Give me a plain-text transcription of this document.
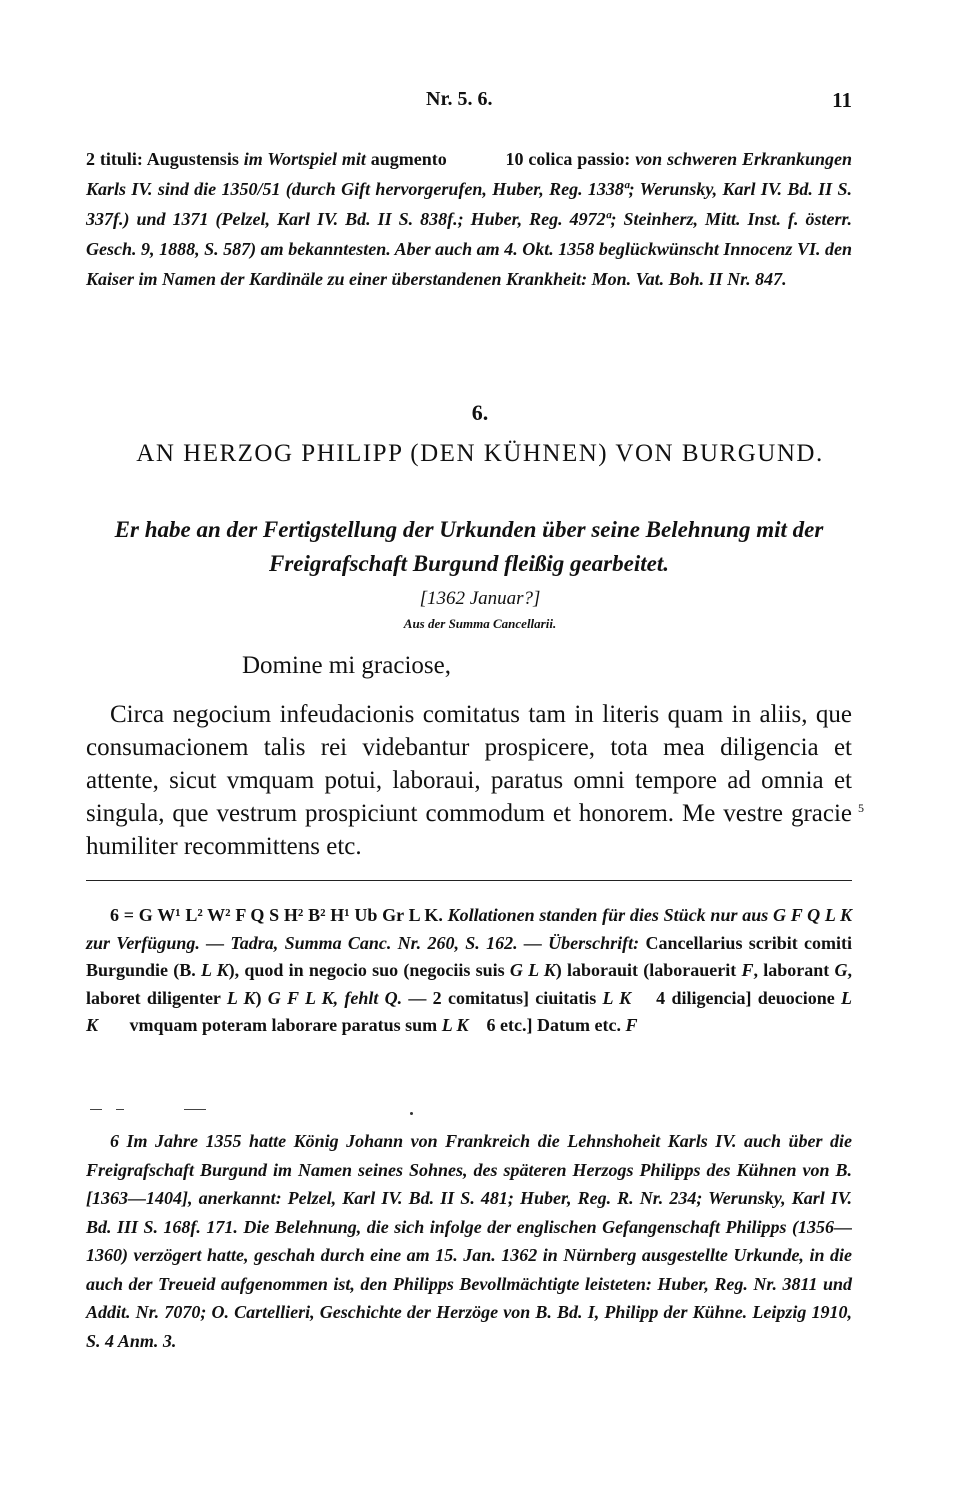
Nr. 5. 6.	11

2 tituli: Augustensis im Wortspiel mit augmento	10 colica passio: von schweren Erkrankungen Karls IV. sind die 1350/51 (durch Gift hervorgerufen, Huber, Reg. 1338ª; Werunsky, Karl IV. Bd. II S. 337f.) und 1371 (Pelzel, Karl IV. Bd. II S. 838f.; Huber, Reg. 4972ª; Steinherz, Mitt. Inst. f. österr. Gesch. 9, 1888, S. 587) am bekanntesten. Aber auch am 4. Okt. 1358 beglückwünscht Innocenz VI. den Kaiser im Namen der Kardinäle zu einer überstandenen Krankheit: Mon. Vat. Boh. II Nr. 847.

6.
AN HERZOG PHILIPP (DEN KÜHNEN) VON BURGUND.
Er habe an der Fertigstellung der Urkunden über seine Belehnung mit der Freigrafschaft Burgund fleißig gearbeitet.
[1362 Januar?]
Aus der Summa Cancellarii.
Domine mi graciose,

Circa negocium infeudacionis comitatus tam in literis quam in aliis, que consumacionem talis rei videbantur prospicere, tota mea diligencia et attente, sicut vmquam potui, laboraui, paratus omni tempore ad omnia et singula, que vestrum prospiciunt commodum et honorem. Me vestre gracie humiliter recommittens etc.

5

6 = G W¹ L² W² F Q S H² B² H¹ Ub Gr L K. Kollationen standen für dies Stück nur aus G F Q L K zur Verfügung. — Tadra, Summa Canc. Nr. 260, S. 162. — Überschrift: Cancellarius scribit comiti Burgundie (B. L K), quod in negocio suo (negociis suis G L K) laborauit (laborauerit F, laborant G, laboret diligenter L K) G F L K, fehlt Q. — 2 comitatus] ciuitatis L K    4 diligencia] deuocione L K       vmquam poteram laborare paratus sum L K    6 etc.] Datum etc. F

6 Im Jahre 1355 hatte König Johann von Frankreich die Lehnshoheit Karls IV. auch über die Freigrafschaft Burgund im Namen seines Sohnes, des späteren Herzogs Philipps des Kühnen von B. [1363—1404], anerkannt: Pelzel, Karl IV. Bd. II S. 481; Huber, Reg. R. Nr. 234; Werunsky, Karl IV. Bd. III S. 168f. 171. Die Belehnung, die sich infolge der englischen Gefangenschaft Philipps (1356—1360) verzögert hatte, geschah durch eine am 15. Jan. 1362 in Nürnberg ausgestellte Urkunde, in die auch der Treueid aufgenommen ist, den Philipps Bevollmächtigte leisteten: Huber, Reg. Nr. 3811 und Addit. Nr. 7070; O. Cartellieri, Geschichte der Herzöge von B. Bd. I, Philipp der Kühne. Leipzig 1910, S. 4 Anm. 3.
